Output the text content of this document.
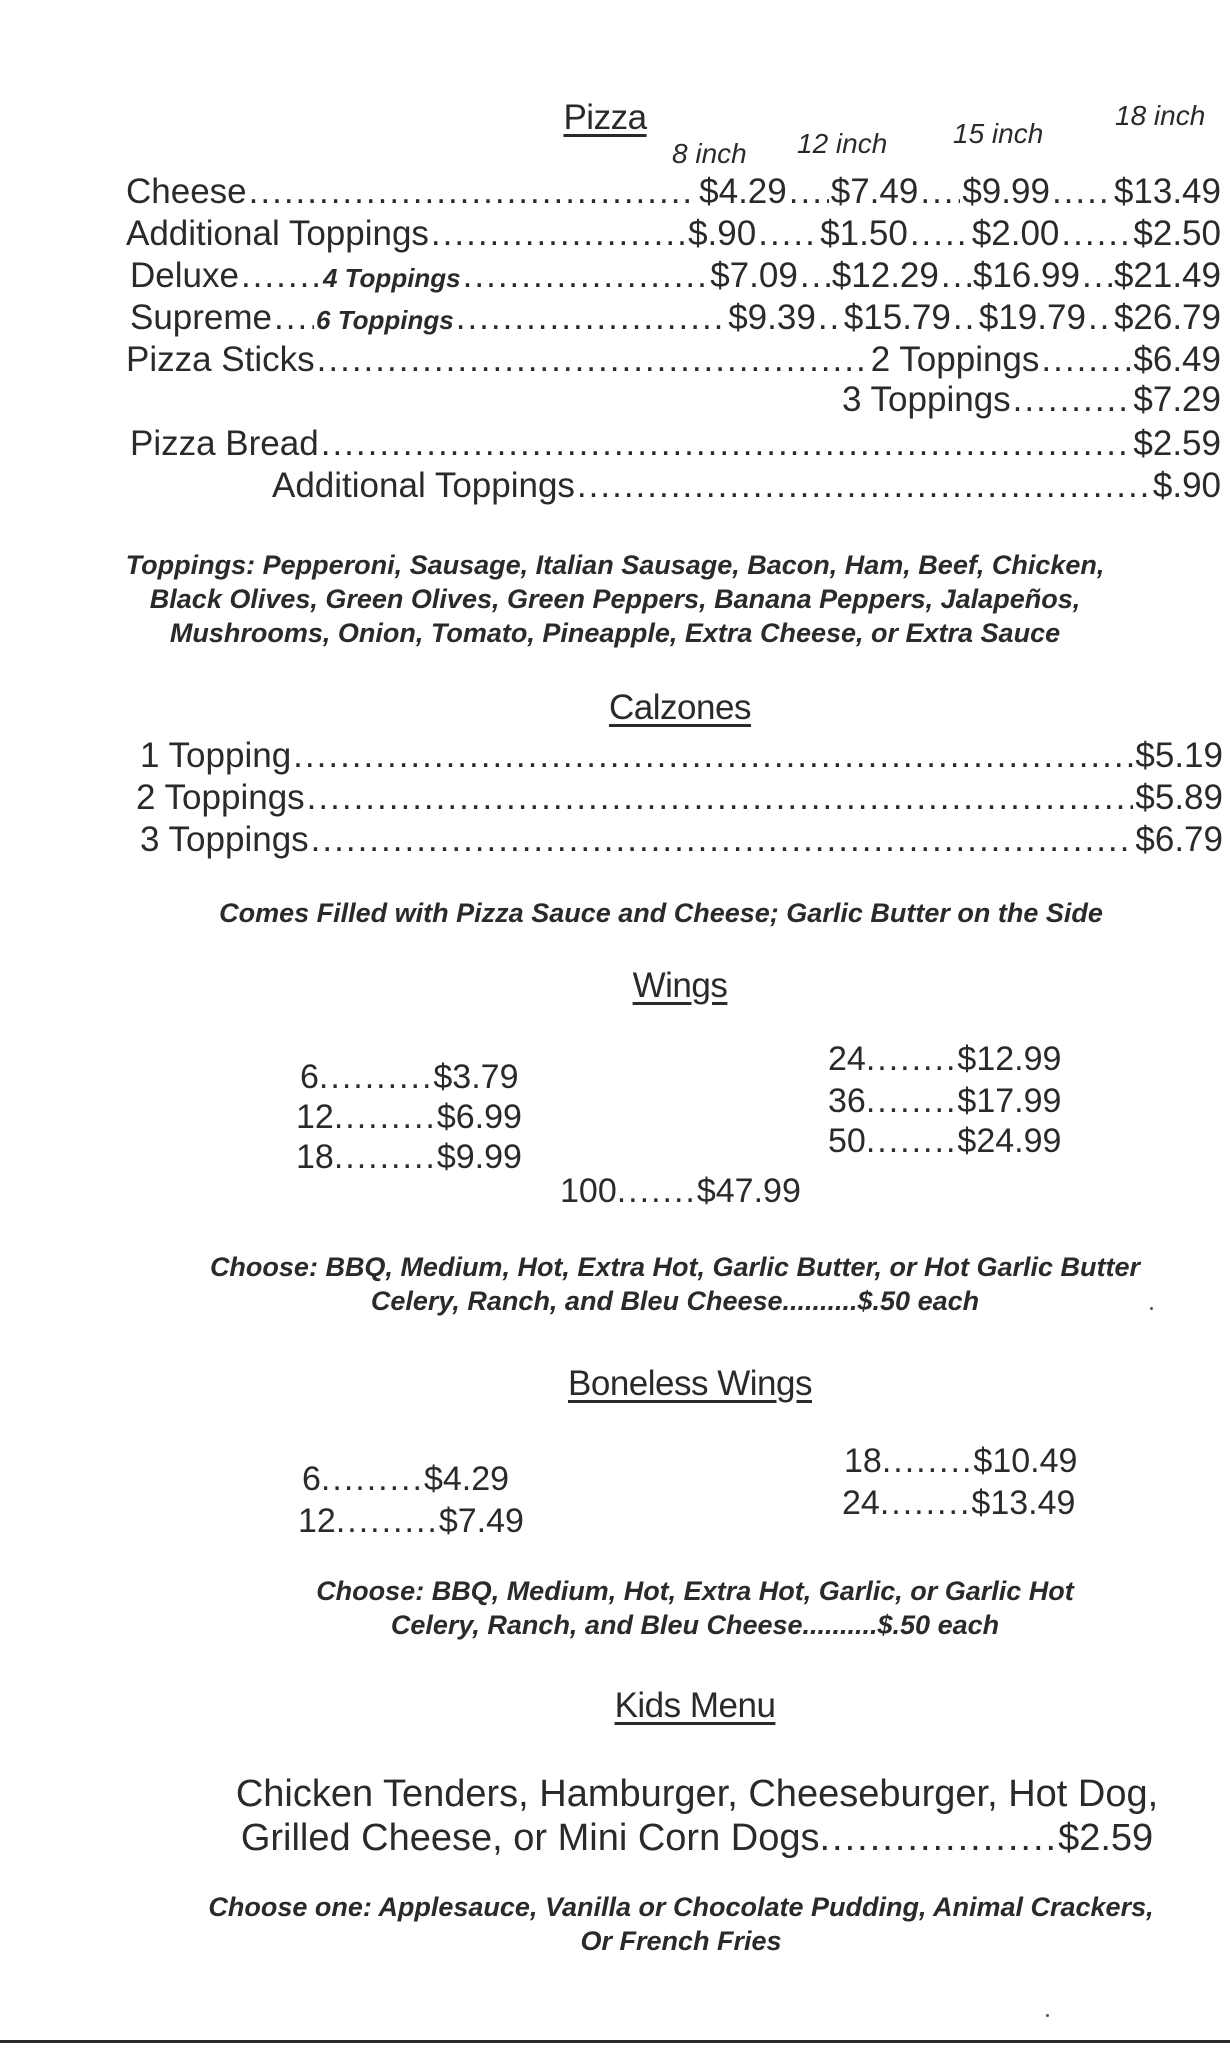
Pizza
8 inch 12 inch 15 inch
18 inch
Cheese .....	$4.29 ..... $7.49 ..... $9.99 ..... $13.49
Additional Toppings .....	$.90 ..... $1.50 ..... $2.00 ..... $2.50
Deluxe .....	4 Toppings .....	$7.09 ..... $12.29 ..... $16.99 ..... $21.49
Supreme ..... 6 Toppings .....	$9.39 ..... $15.79 ..... $19.79 ..... $26.79
Pizza Sticks .....	2 Toppings .....	$6.49
3 Toppings .....	$7.29
Pizza Bread .....	$2.59
Additional Toppings .....	$.90
Toppings: Pepperoni, Sausage, Italian Sausage, Bacon, Ham, Beef, Chicken,
Black Olives, Green Olives, Green Peppers, Banana Peppers, Jalapeños,
Mushrooms, Onion, Tomato, Pineapple, Extra Cheese, or Extra Sauce
Calzones
1 Topping .....	$5.19
2 Toppings .....	$5.89
3 Toppings .....	$6.79
Comes Filled with Pizza Sauce and Cheese; Garlic Butter on the Side
Wings
6 .......... $3.79
12 ......... $6.99
18 ......... $9.99
24 ........ $12.99
36 ........ $17.99
50 ........ $24.99
100 ....... $47.99
Choose: BBQ, Medium, Hot, Extra Hot, Garlic Butter, or Hot Garlic Butter
Celery, Ranch, and Bleu Cheese..........$.50 each
Boneless Wings
6 ......... $4.29
12 ......... $7.49
18 ........ $10.49
24 ........ $13.49
Choose: BBQ, Medium, Hot, Extra Hot, Garlic, or Garlic Hot
Celery, Ranch, and Bleu Cheese..........$.50 each
Kids Menu
Chicken Tenders, Hamburger, Cheeseburger, Hot Dog,
Grilled Cheese, or Mini Corn Dogs...................$2.59
Choose one: Applesauce, Vanilla or Chocolate Pudding, Animal Crackers,
Or French Fries
